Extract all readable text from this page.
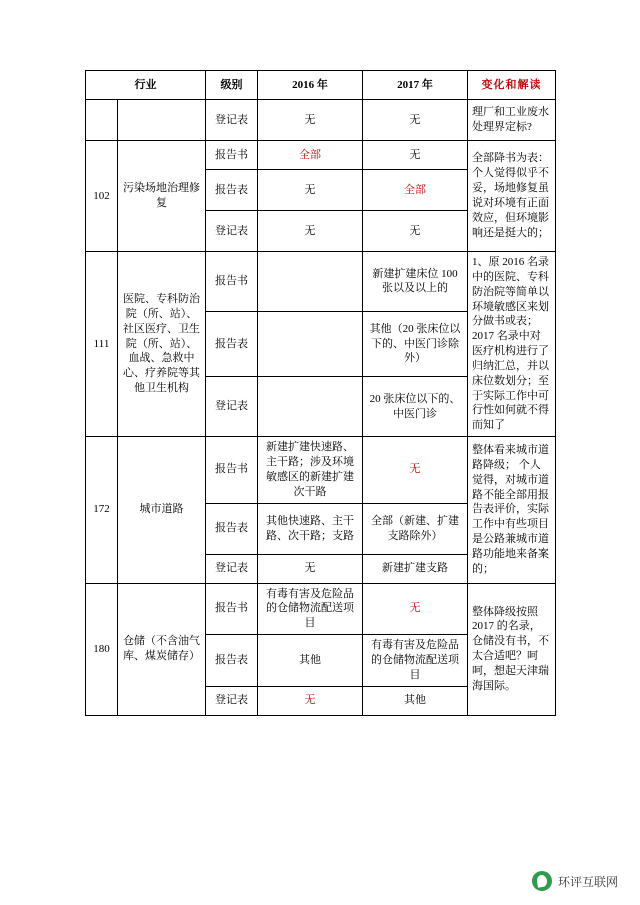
行业		级别	2016 年	2017 年	变化和解读
		登记表	无	无	理厂和工业废水处理界定标?
102	污染场地治理修复	报告书	全部	无	全部降书为表：个人觉得似乎不妥，场地修复虽说对环境有正面效应，但环境影响还是挺大的；
		报告表	无	全部	
		登记表	无	无	
111	医院、专科防治院（所、站）、社区医疗、卫生院（所、站）、血战、急救中心、疗养院等其他卫生机构	报告书		新建扩建床位 100 张以及以上的	1、原 2016 名录中的医院、专科防治院等简单以环境敏感区来划分做书或表；2017 名录中对医疗机构进行了归纳汇总，并以床位数划分；至于实际工作中可行性如何就不得而知了
		报告表		其他（20 张床位以下的、中医门诊除外）	
		登记表		20 张床位以下的、中医门诊	
172	城市道路	报告书	新建扩建快速路、主干路；涉及环境敏感区的新建扩建次干路	无	整体看来城市道路降级； 个人觉得，对城市道路不能全部用报告表评价，实际工作中有些项目是公路兼城市道路功能地来备案的；
		报告表	其他快速路、主干路、次干路；支路	全部（新建、扩建支路除外）	
		登记表	无	新建扩建支路	
180	仓储（不含油气库、煤炭储存）	报告书	有毒有害及危险品的仓储物流配送项目	无	整体降级按照 2017 的名录，仓储没有书，不太合适吧？呵呵，想起天津瑞海国际。
		报告表	其他	有毒有害及危险品的仓储物流配送项目	
		登记表	无	其他	
环评互联网
